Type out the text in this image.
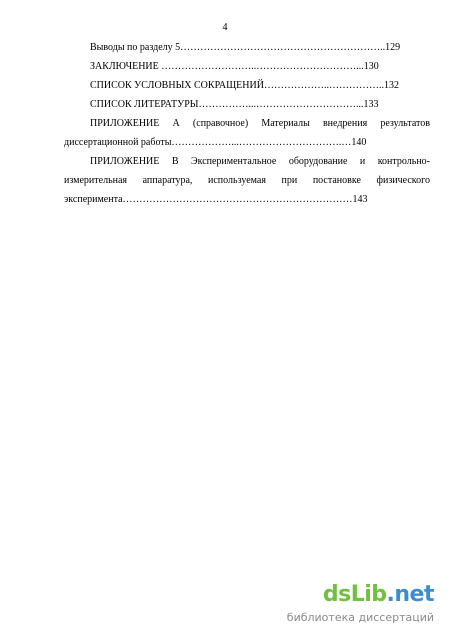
4
Выводы по разделу 5……………………………………………………..129
ЗАКЛЮЧЕНИЕ ………………………..…………………………...130
СПИСОК УСЛОВНЫХ СОКРАЩЕНИЙ………………..……………..132
СПИСОК ЛИТЕРАТУРЫ……………...…………………………...133
ПРИЛОЖЕНИЕ А (справочное) Материалы внедрения результатов
диссертационной работы………………...………………………….…140
ПРИЛОЖЕНИЕ В Экспериментальное оборудование и контрольно-
измерительная аппаратура, используемая при постановке физического
эксперимента……………………………………………………………143
dsLib.net
библиотека диссертаций
